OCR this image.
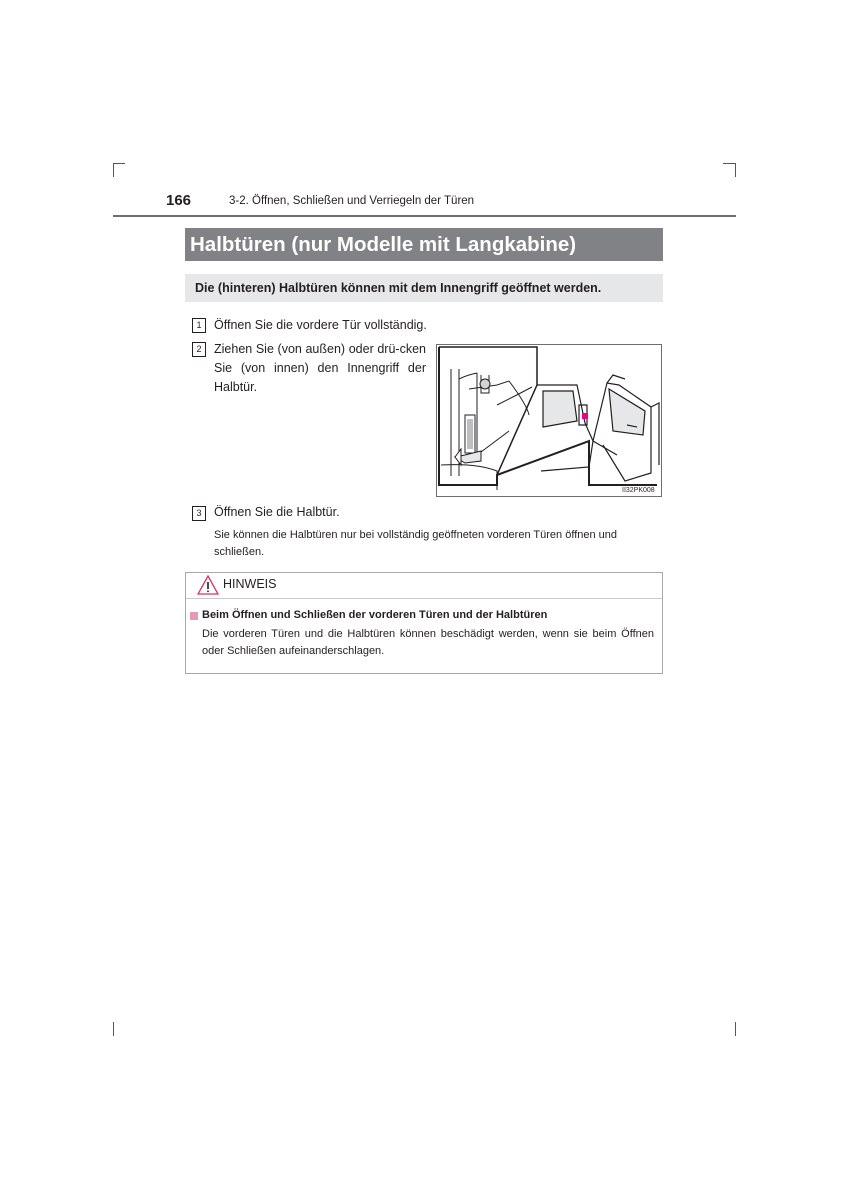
166	3-2. Öffnen, Schließen und Verriegeln der Türen
Halbtüren (nur Modelle mit Langkabine)
Die (hinteren) Halbtüren können mit dem Innengriff geöffnet werden.
1	Öffnen Sie die vordere Tür vollständig.
2	Ziehen Sie (von außen) oder drü-cken Sie (von innen) den Innengriff der Halbtür.
II32PK008
3	Öffnen Sie die Halbtür.
Sie können die Halbtüren nur bei vollständig geöffneten vorderen Türen öffnen und schließen.
HINWEIS
Beim Öffnen und Schließen der vorderen Türen und der Halbtüren
Die vorderen Türen und die Halbtüren können beschädigt werden, wenn sie beim Öffnen oder Schließen aufeinanderschlagen.
